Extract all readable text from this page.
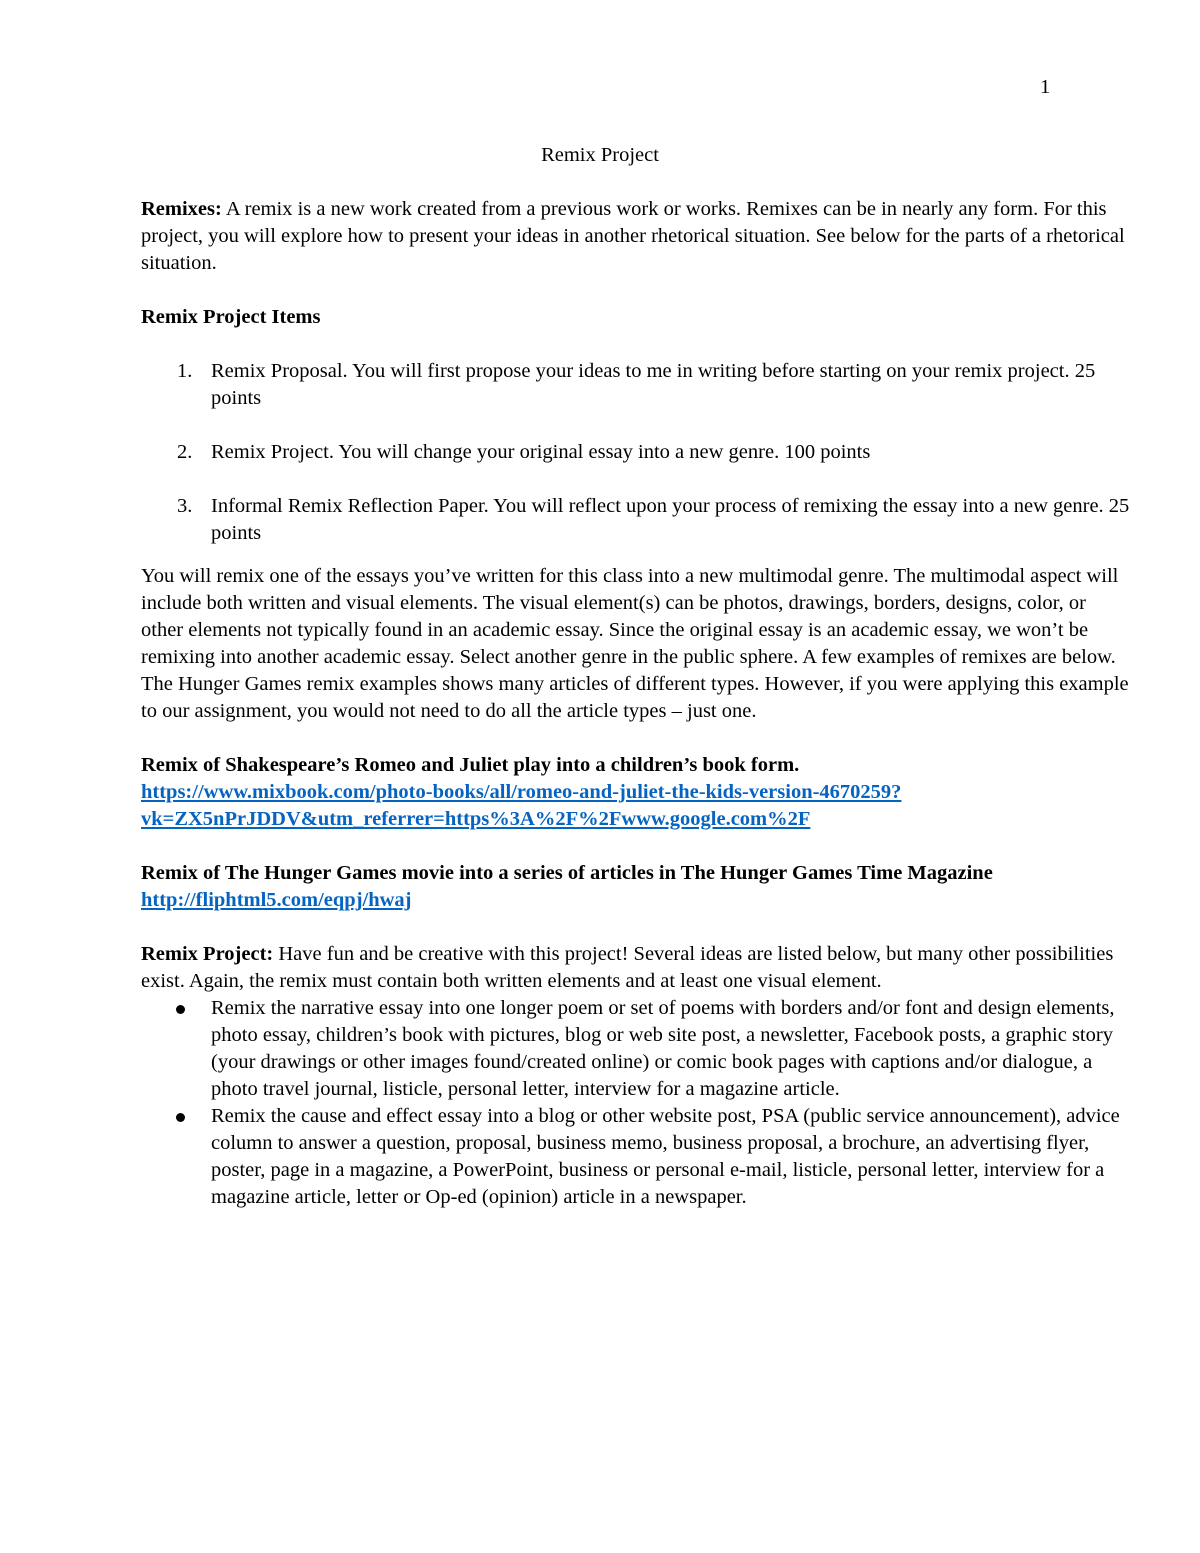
1
Remix Project

Remixes: A remix is a new work created from a previous work or works. Remixes can be in nearly any form. For this project, you will explore how to present your ideas in another rhetorical situation. See below for the parts of a rhetorical situation.

Remix Project Items

1. Remix Proposal. You will first propose your ideas to me in writing before starting on your remix project. 25 points
2. Remix Project. You will change your original essay into a new genre. 100 points
3. Informal Remix Reflection Paper. You will reflect upon your process of remixing the essay into a new genre. 25 points

You will remix one of the essays you’ve written for this class into a new multimodal genre. The multimodal aspect will include both written and visual elements. The visual element(s) can be photos, drawings, borders, designs, color, or other elements not typically found in an academic essay. Since the original essay is an academic essay, we won’t be remixing into another academic essay. Select another genre in the public sphere. A few examples of remixes are below. The Hunger Games remix examples shows many articles of different types. However, if you were applying this example to our assignment, you would not need to do all the article types – just one.

Remix of Shakespeare’s Romeo and Juliet play into a children’s book form.

https://www.mixbook.com/photo-books/all/romeo-and-juliet-the-kids-version-4670259?
vk=ZX5nPrJDDV&utm_referrer=https%3A%2F%2Fwww.google.com%2F

Remix of The Hunger Games movie into a series of articles in The Hunger Games Time Magazine

http://fliphtml5.com/eqpj/hwaj

Remix Project: Have fun and be creative with this project! Several ideas are listed below, but many other possibilities exist. Again, the remix must contain both written elements and at least one visual element.

Remix the narrative essay into one longer poem or set of poems with borders and/or font and design elements, photo essay, children’s book with pictures, blog or web site post, a newsletter, Facebook posts, a graphic story (your drawings or other images found/created online) or comic book pages with captions and/or dialogue, a photo travel journal, listicle, personal letter, interview for a magazine article.
Remix the cause and effect essay into a blog or other website post, PSA (public service announcement), advice column to answer a question, proposal, business memo, business proposal, a brochure, an advertising flyer, poster, page in a magazine, a PowerPoint, business or personal e-mail, listicle, personal letter, interview for a magazine article, letter or Op-ed (opinion) article in a newspaper.
